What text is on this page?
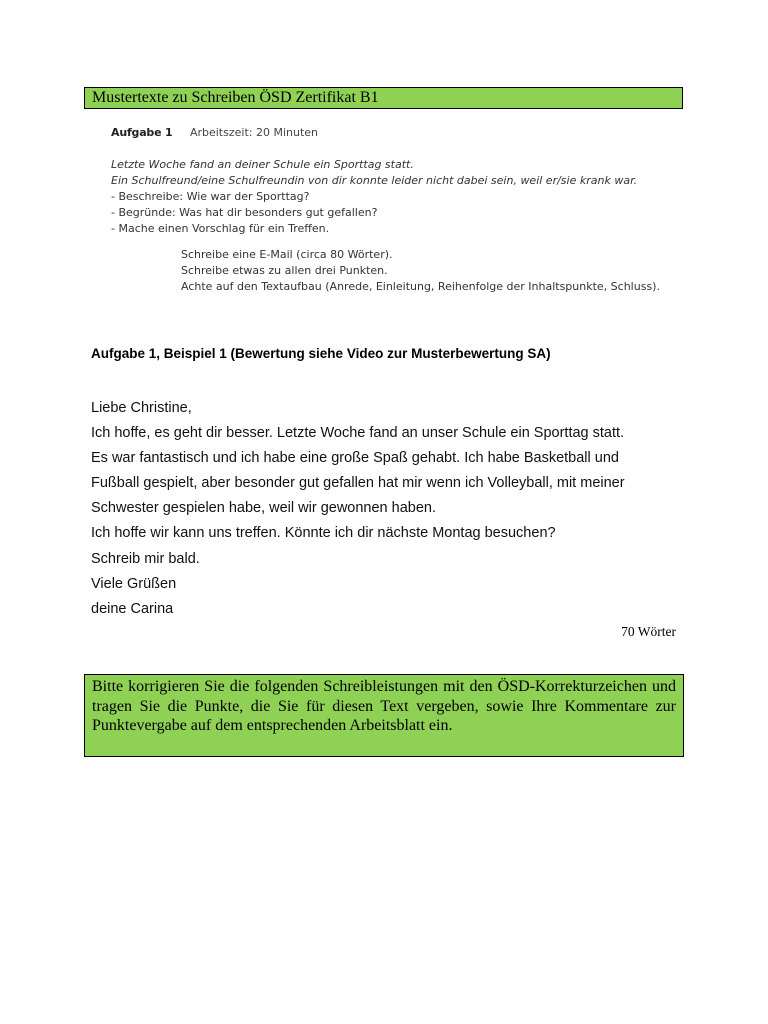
Mustertexte zu Schreiben ÖSD Zertifikat B1
Aufgabe 1 Arbeitszeit: 20 Minuten
Letzte Woche fand an deiner Schule ein Sporttag statt.
Ein Schulfreund/eine Schulfreundin von dir konnte leider nicht dabei sein, weil er/sie krank war.
- Beschreibe: Wie war der Sporttag?
- Begründe: Was hat dir besonders gut gefallen?
- Mache einen Vorschlag für ein Treffen.
Schreibe eine E-Mail (circa 80 Wörter).
Schreibe etwas zu allen drei Punkten.
Achte auf den Textaufbau (Anrede, Einleitung, Reihenfolge der Inhaltspunkte, Schluss).
Aufgabe 1, Beispiel 1 (Bewertung siehe Video zur Musterbewertung SA)
Liebe Christine,
Ich hoffe, es geht dir besser. Letzte Woche fand an unser Schule ein Sporttag statt.
Es war fantastisch und ich habe eine große Spaß gehabt. Ich habe Basketball und
Fußball gespielt, aber besonder gut gefallen hat mir wenn ich Volleyball, mit meiner
Schwester gespielen habe, weil wir gewonnen haben.
Ich hoffe wir kann uns treffen. Könnte ich dir nächste Montag besuchen?
Schreib mir bald.
Viele Grüßen
deine Carina
70 Wörter
Bitte korrigieren Sie die folgenden Schreibleistungen mit den ÖSD-Korrekturzeichen und tragen Sie die Punkte, die Sie für diesen Text vergeben, sowie Ihre Kommentare zur Punktevergabe auf dem entsprechenden Arbeitsblatt ein.
